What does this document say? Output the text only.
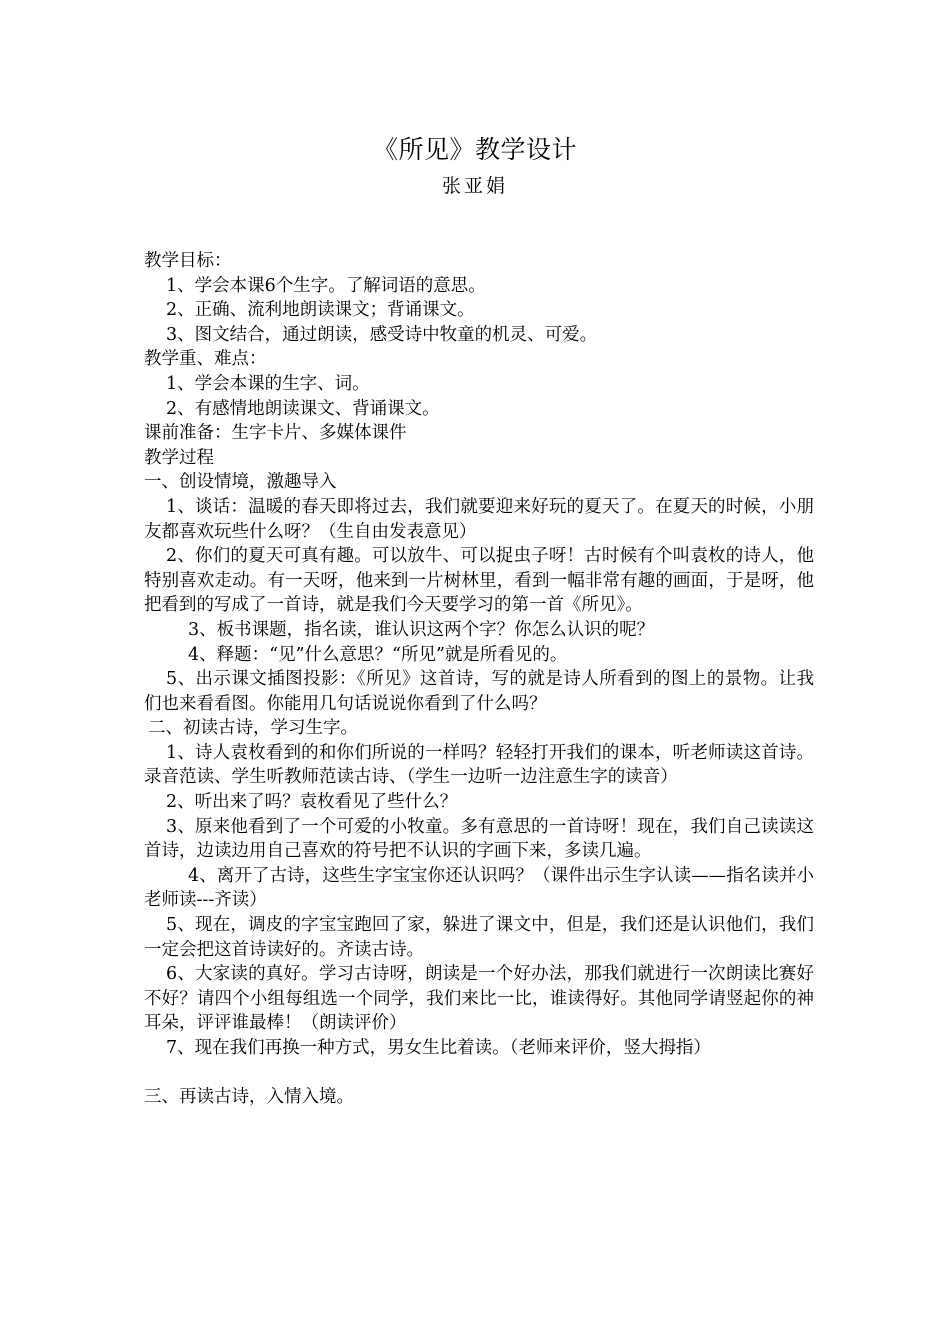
《所见》教学设计
张亚娟

教学目标：

1、学会本课6个生字。了解词语的意思。

2、正确、流利地朗读课文；背诵课文。

3、图文结合，通过朗读，感受诗中牧童的机灵、可爱。

教学重、难点：

1、学会本课的生字、词。

2、有感情地朗读课文、背诵课文。

课前准备：生字卡片、多媒体课件

教学过程

一、创设情境，激趣导入

1、谈话：温暖的春天即将过去，我们就要迎来好玩的夏天了。在夏天的时候，小朋友都喜欢玩些什么呀？（生自由发表意见）

2、你们的夏天可真有趣。可以放牛、可以捉虫子呀！古时候有个叫袁枚的诗人，他特别喜欢走动。有一天呀，他来到一片树林里，看到一幅非常有趣的画面，于是呀，他把看到的写成了一首诗，就是我们今天要学习的第一首《所见》。

3、板书课题，指名读，谁认识这两个字？你怎么认识的呢？

4、释题：“见”什么意思？“所见”就是所看见的。

5、出示课文插图投影：《所见》这首诗，写的就是诗人所看到的图上的景物。让我们也来看看图。你能用几句话说说你看到了什么吗？

二、初读古诗，学习生字。

1、诗人袁枚看到的和你们所说的一样吗？轻轻打开我们的课本，听老师读这首诗。录音范读、学生听教师范读古诗、（学生一边听一边注意生字的读音）

2、听出来了吗？袁枚看见了些什么？

3、原来他看到了一个可爱的小牧童。多有意思的一首诗呀！现在，我们自己读读这首诗，边读边用自己喜欢的符号把不认识的字画下来，多读几遍。

4、离开了古诗，这些生字宝宝你还认识吗？（课件出示生字认读——指名读并小老师读---齐读）

5、现在，调皮的字宝宝跑回了家，躲进了课文中，但是，我们还是认识他们，我们一定会把这首诗读好的。齐读古诗。

6、大家读的真好。学习古诗呀，朗读是一个好办法，那我们就进行一次朗读比赛好不好？请四个小组每组选一个同学，我们来比一比，谁读得好。其他同学请竖起你的神耳朵，评评谁最棒！（朗读评价）

7、现在我们再换一种方式，男女生比着读。（老师来评价，竖大拇指）

三、再读古诗，入情入境。
